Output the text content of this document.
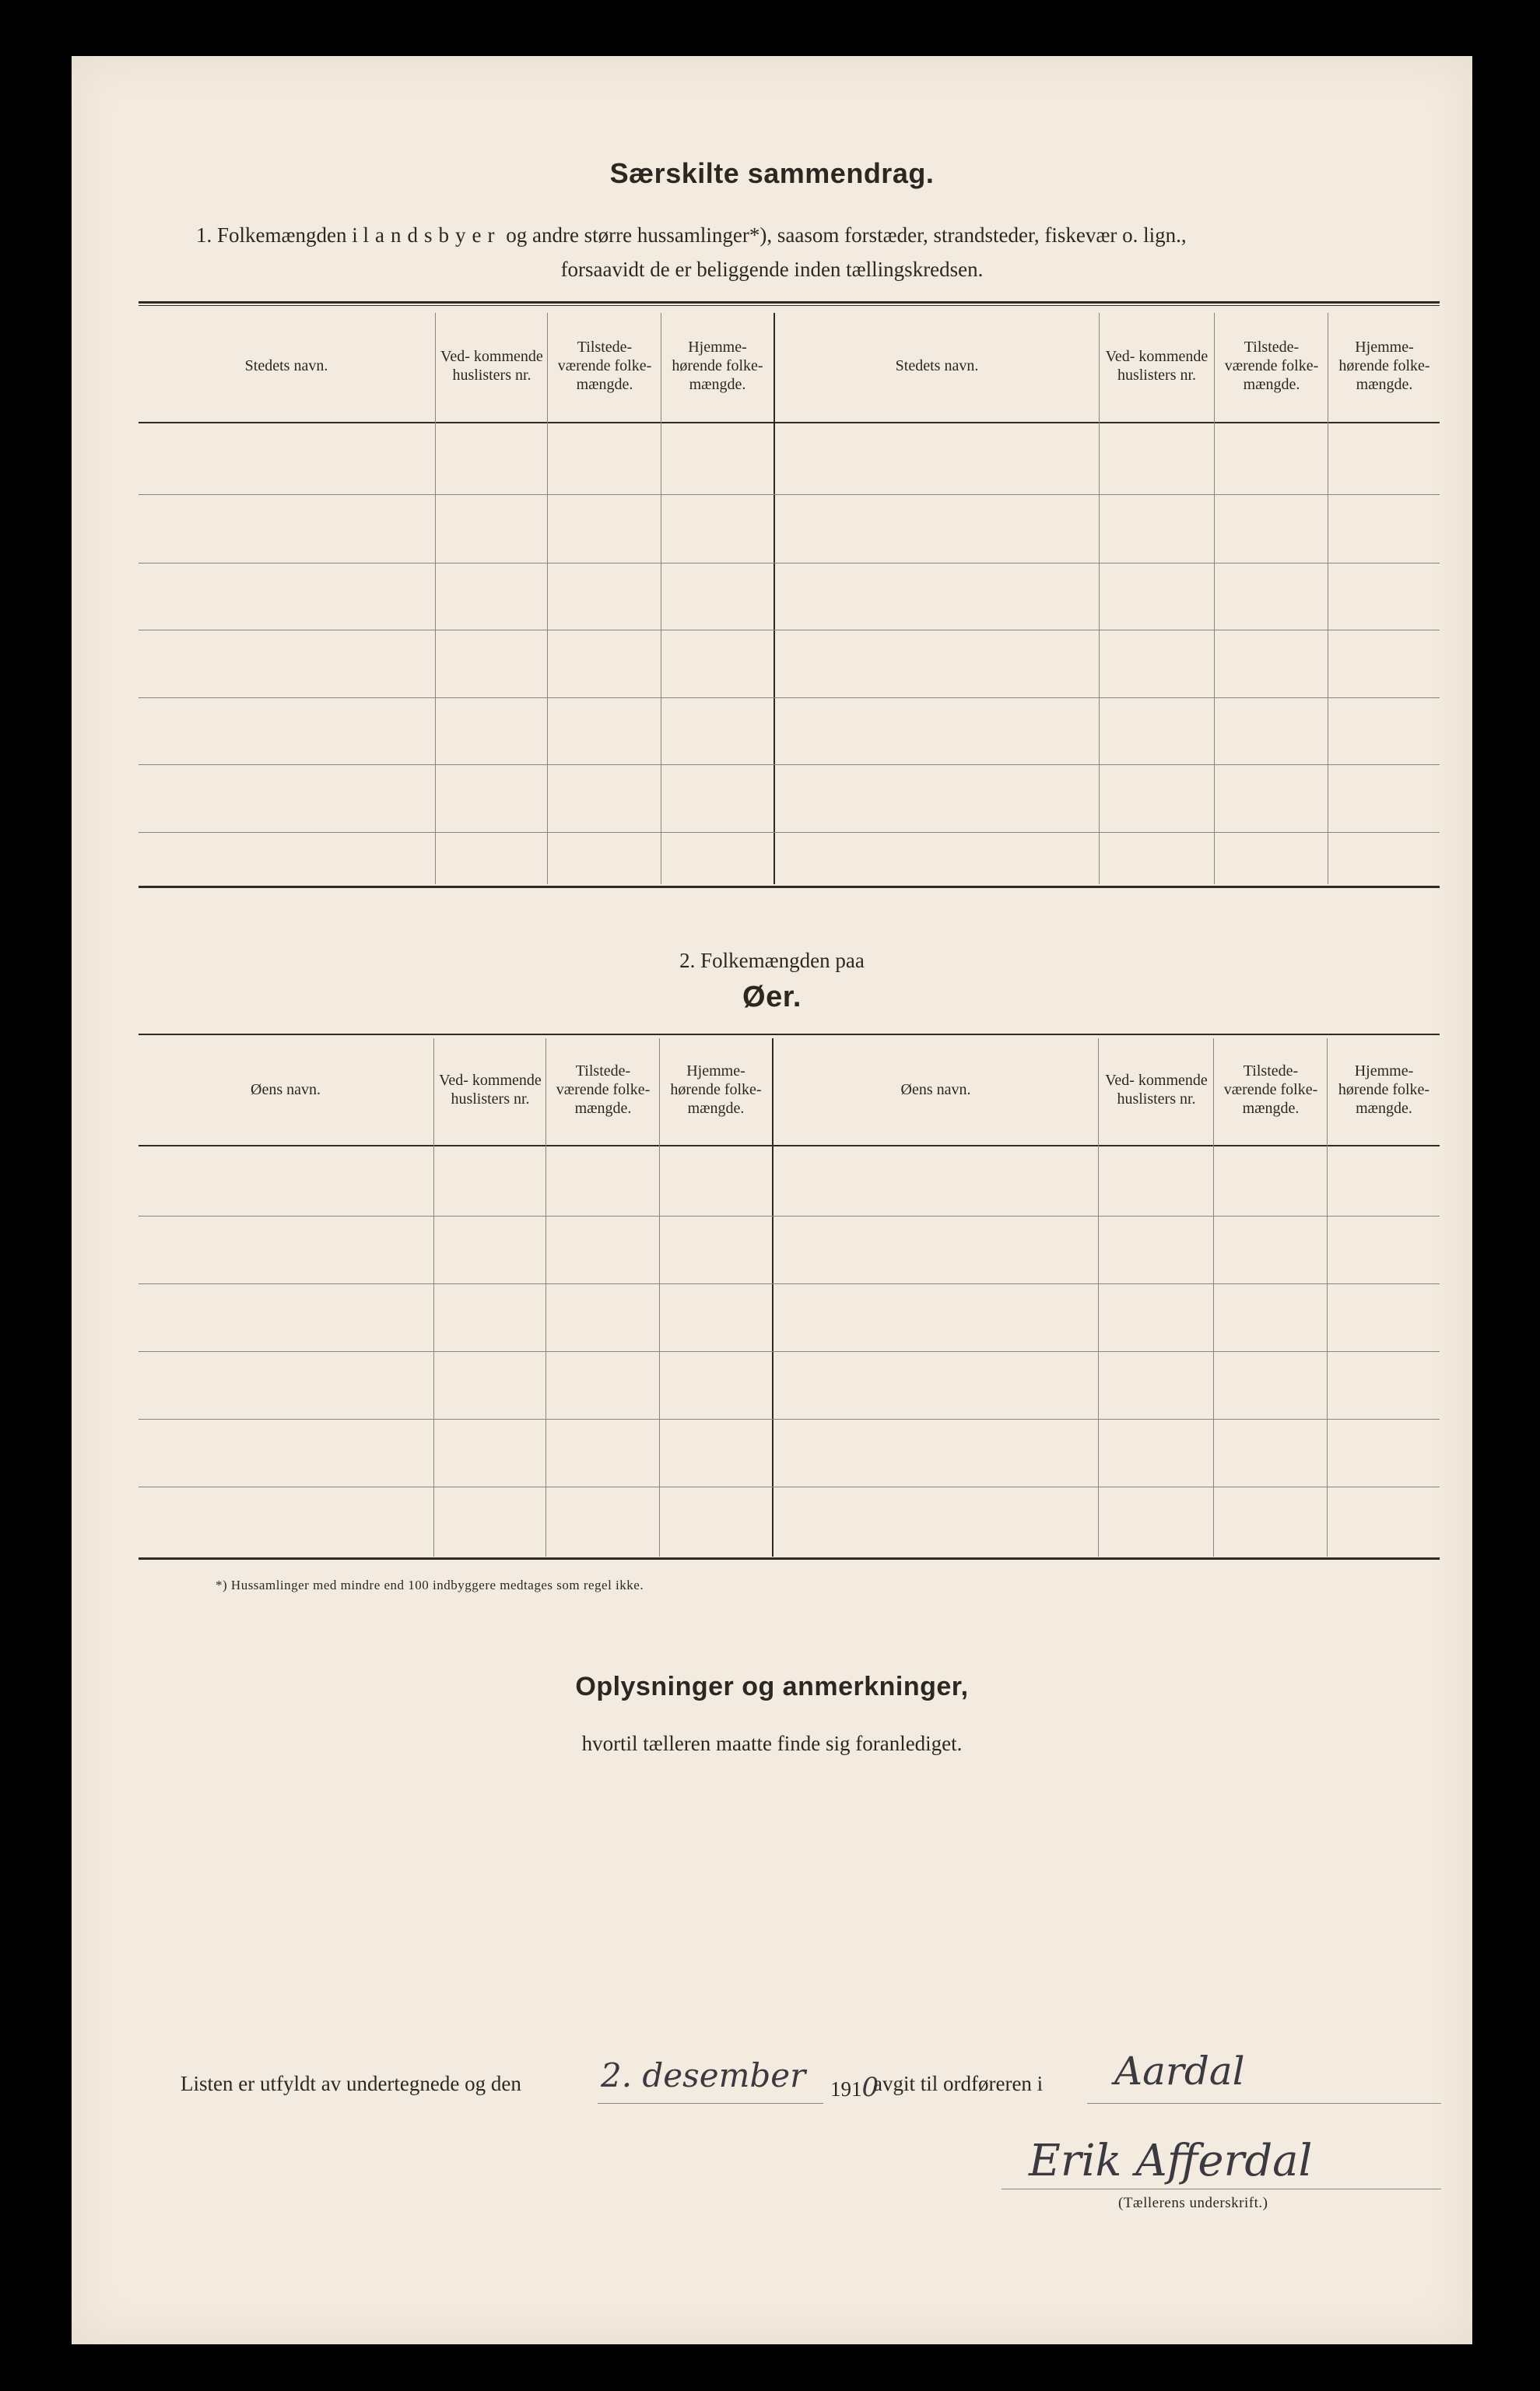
Særskilte sammendrag.
1. Folkemængden i landsbyer og andre større hussamlinger*), saasom forstæder, strandsteder, fiskevær o. lign.,
forsaavidt de er beliggende inden tællingskredsen.
Stedets navn.
Ved- kommende huslisters nr.
Tilstede- værende folke- mængde.
Hjemme- hørende folke- mængde.
Stedets navn.
Ved- kommende huslisters nr.
Tilstede- værende folke- mængde.
Hjemme- hørende folke- mængde.
2. Folkemængden paa
Øer.
Øens navn.
Ved- kommende huslisters nr.
Tilstede- værende folke- mængde.
Hjemme- hørende folke- mængde.
Øens navn.
Ved- kommende huslisters nr.
Tilstede- værende folke- mængde.
Hjemme- hørende folke- mængde.
*) Hussamlinger med mindre end 100 indbyggere medtages som regel ikke.
Oplysninger og anmerkninger,
hvortil tælleren maatte finde sig foranlediget.
Listen er utfyldt av undertegnede og den 2. desember 1910
avgit til ordføreren i Aardal
Erik Afferdal
(Tællerens underskrift.)
